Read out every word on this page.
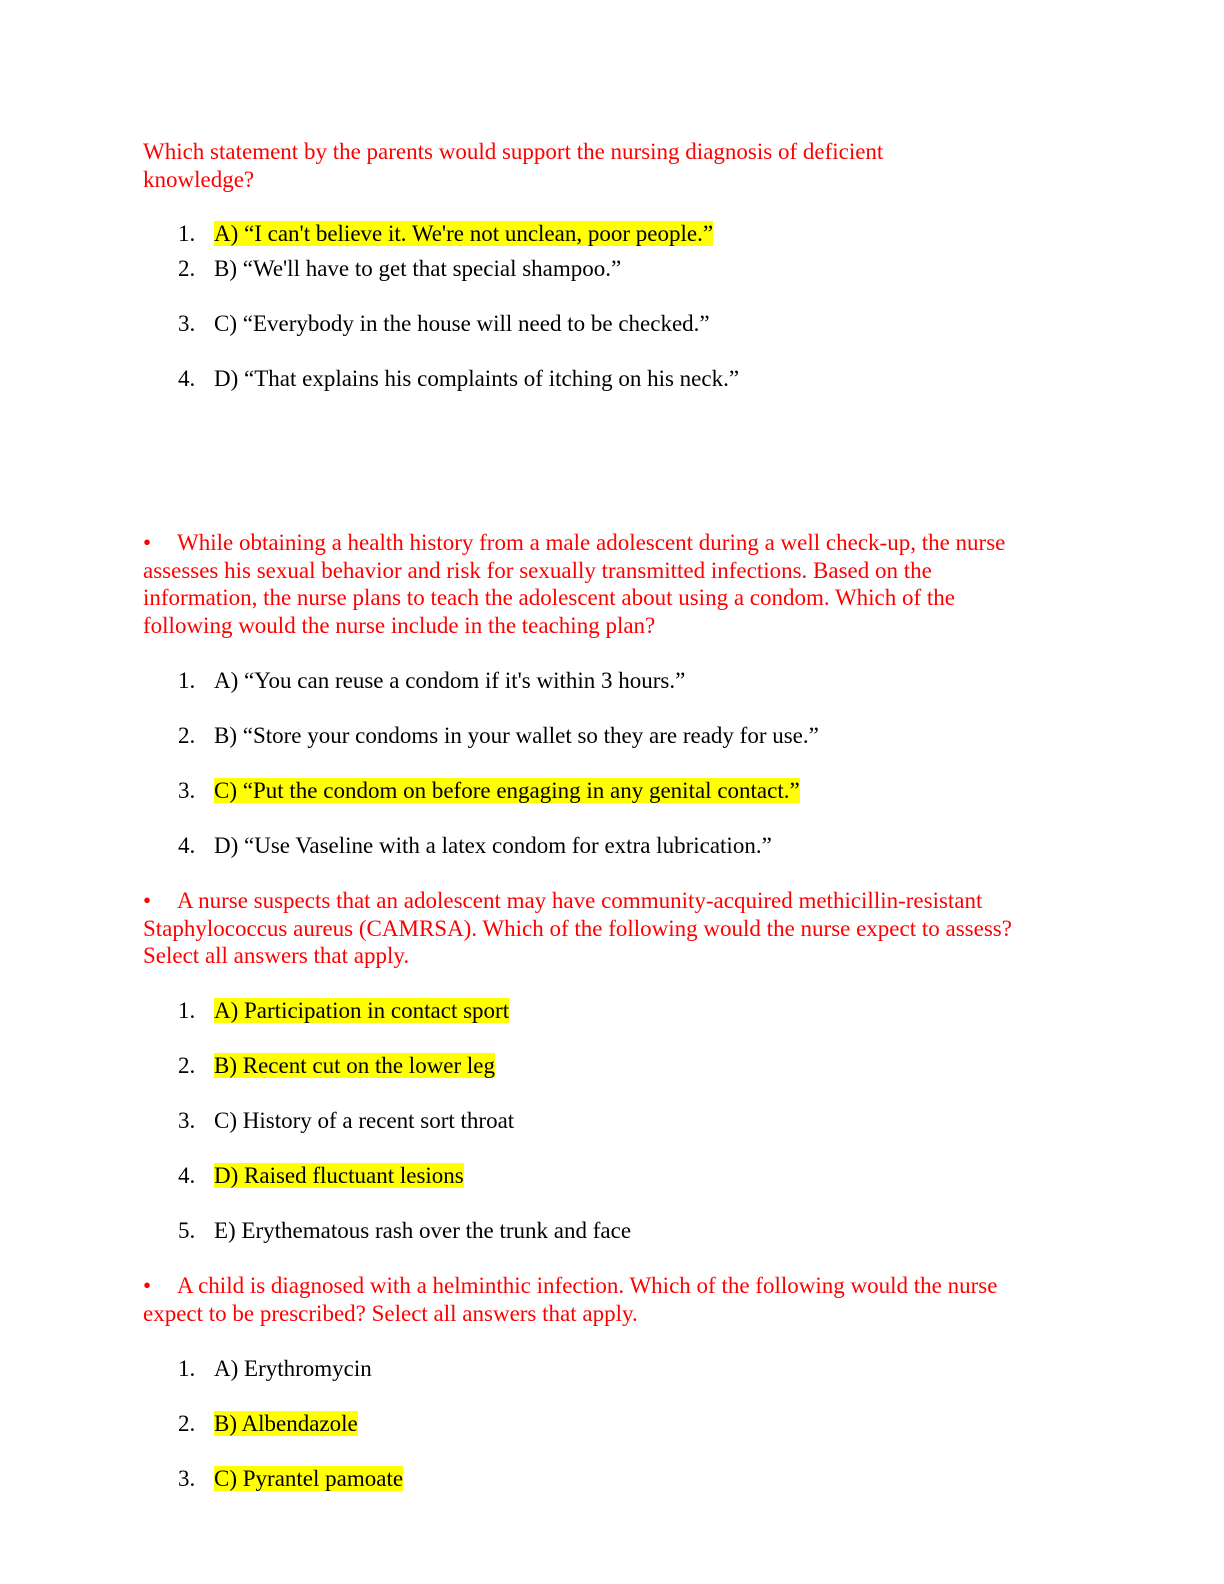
Which statement by the parents would support the nursing diagnosis of deficient knowledge?

1. A) “I can't believe it. We're not unclean, poor people.”
2. B) “We'll have to get that special shampoo.”
3. C) “Everybody in the house will need to be checked.”
4. D) “That explains his complaints of itching on his neck.”

• While obtaining a health history from a male adolescent during a well check-up, the nurse assesses his sexual behavior and risk for sexually transmitted infections. Based on the information, the nurse plans to teach the adolescent about using a condom. Which of the following would the nurse include in the teaching plan?

1. A) “You can reuse a condom if it's within 3 hours.”
2. B) “Store your condoms in your wallet so they are ready for use.”
3. C) “Put the condom on before engaging in any genital contact.”
4. D) “Use Vaseline with a latex condom for extra lubrication.”

• A nurse suspects that an adolescent may have community-acquired methicillin-resistant Staphylococcus aureus (CAMRSA). Which of the following would the nurse expect to assess? Select all answers that apply.

1. A) Participation in contact sport
2. B) Recent cut on the lower leg
3. C) History of a recent sort throat
4. D) Raised fluctuant lesions
5. E) Erythematous rash over the trunk and face

• A child is diagnosed with a helminthic infection. Which of the following would the nurse expect to be prescribed? Select all answers that apply.

1. A) Erythromycin
2. B) Albendazole
3. C) Pyrantel pamoate
